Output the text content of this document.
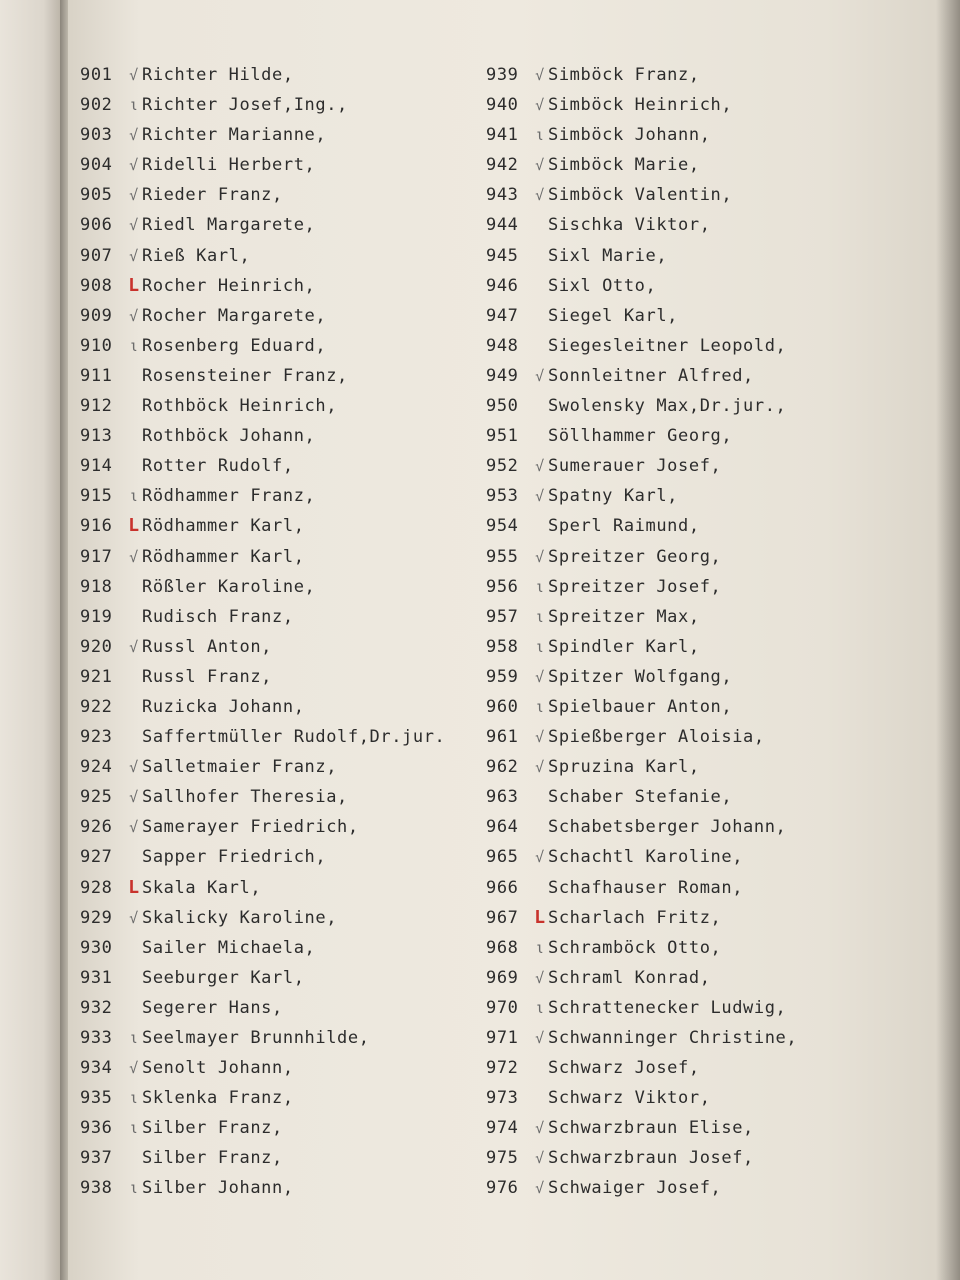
901 √ Richter Hilde,
902 ι Richter Josef,Ing.,
903 √ Richter Marianne,
904 √ Ridelli Herbert,
905 √ Rieder Franz,
906 √ Riedl Margarete,
907 √ Rieß Karl,
908 L Rocher Heinrich,
909 √ Rocher Margarete,
910 ι Rosenberg Eduard,
911 Rosensteiner Franz,
912 Rothböck Heinrich,
913 Rothböck Johann,
914 Rotter Rudolf,
915 ι Rödhammer Franz,
916 L Rödhammer Karl,
917 √ Rödhammer Karl,
918 Rößler Karoline,
919 Rudisch Franz,
920 √ Russl Anton,
921 Russl Franz,
922 Ruzicka Johann,
923 Saffertmüller Rudolf,Dr.jur.
924 √ Salletmaier Franz,
925 √ Sallhofer Theresia,
926 √ Samerayer Friedrich,
927 Sapper Friedrich,
928 L Skala Karl,
929 √ Skalicky Karoline,
930 Sailer Michaela,
931 Seeburger Karl,
932 Segerer Hans,
933 ι Seelmayer Brunnhilde,
934 √ Senolt Johann,
935 ι Sklenka Franz,
936 ι Silber Franz,
937 Silber Franz,
938 ι Silber Johann,
939 √ Simböck Franz,
940 √ Simböck Heinrich,
941 ι Simböck Johann,
942 √ Simböck Marie,
943 √ Simböck Valentin,
944 Sischka Viktor,
945 Sixl Marie,
946 Sixl Otto,
947 Siegel Karl,
948 Siegesleitner Leopold,
949 √ Sonnleitner Alfred,
950 Swolensky Max,Dr.jur.,
951 Söllhammer Georg,
952 √ Sumerauer Josef,
953 √ Spatny Karl,
954 Sperl Raimund,
955 √ Spreitzer Georg,
956 ι Spreitzer Josef,
957 ι Spreitzer Max,
958 ι Spindler Karl,
959 √ Spitzer Wolfgang,
960 ι Spielbauer Anton,
961 √ Spießberger Aloisia,
962 √ Spruzina Karl,
963 Schaber Stefanie,
964 Schabetsberger Johann,
965 √ Schachtl Karoline,
966 Schafhauser Roman,
967 L Scharlach Fritz,
968 ι Schramböck Otto,
969 √ Schraml Konrad,
970 ι Schrattenecker Ludwig,
971 √ Schwanninger Christine,
972 Schwarz Josef,
973 Schwarz Viktor,
974 √ Schwarzbraun Elise,
975 √ Schwarzbraun Josef,
976 √ Schwaiger Josef,
